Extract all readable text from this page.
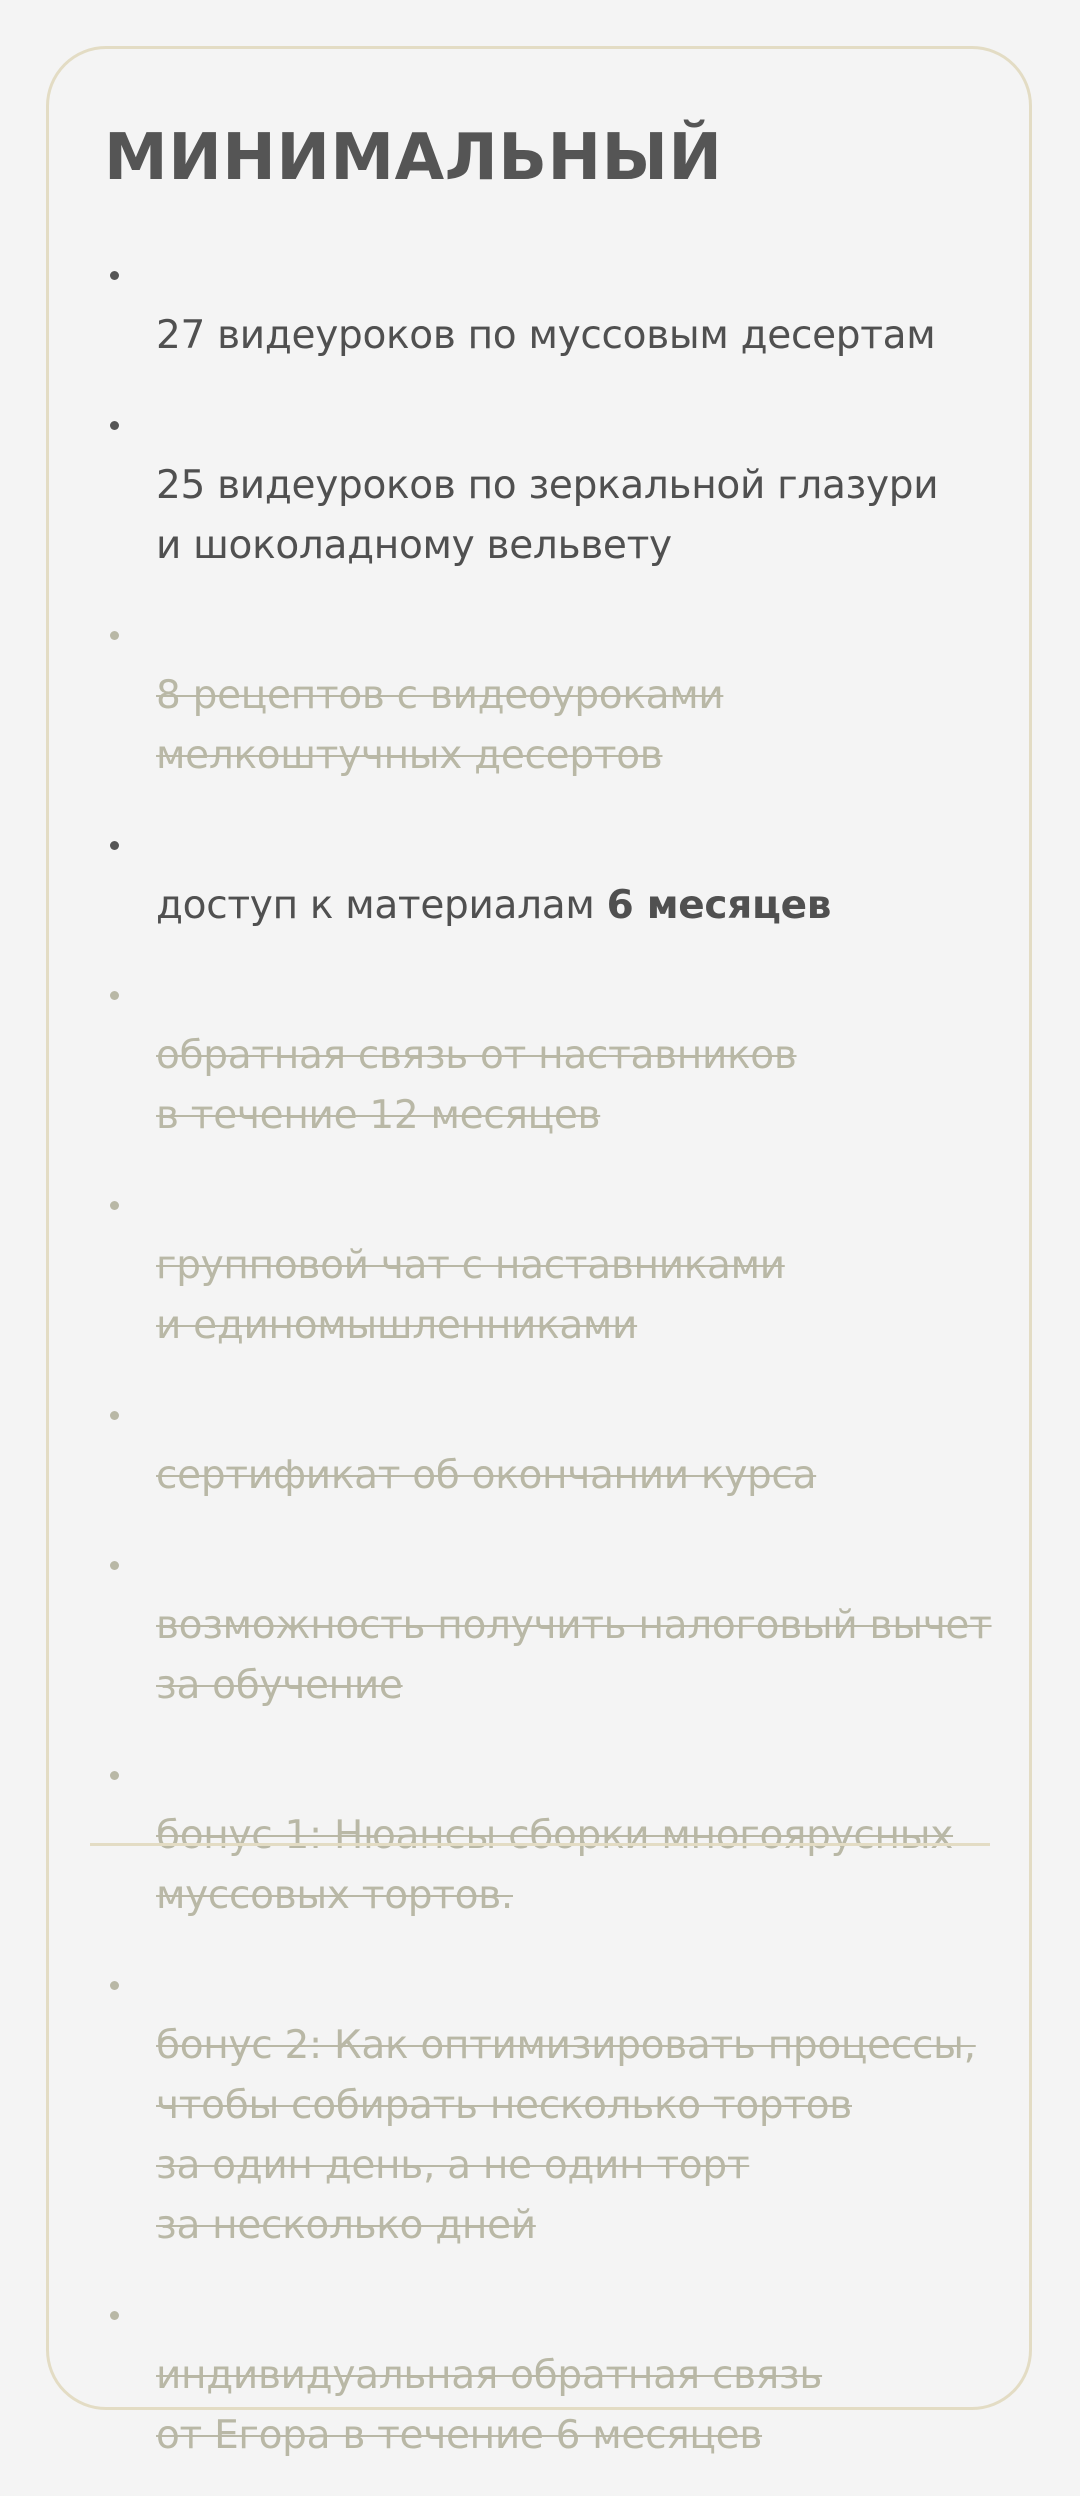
МИНИМАЛЬНЫЙ

27 видеуроков по муссовым десертам

25 видеуроков по зеркальной глазури
и шоколадному вельвету

8 рецептов с видеоуроками
мелкоштучных десертов

доступ к материалам 6 месяцев

обратная связь от наставников
в течение 12 месяцев

групповой чат с наставниками
и единомышленниками

сертификат об окончании курса

возможность получить налоговый вычет
за обучение

бонус 1: Нюансы сборки многоярусных
муссовых тортов.

бонус 2: Как оптимизировать процессы,
чтобы собирать несколько тортов
за один день, а не один торт
за несколько дней

индивидуальная обратная связь
от Егора в течение 6 месяцев
